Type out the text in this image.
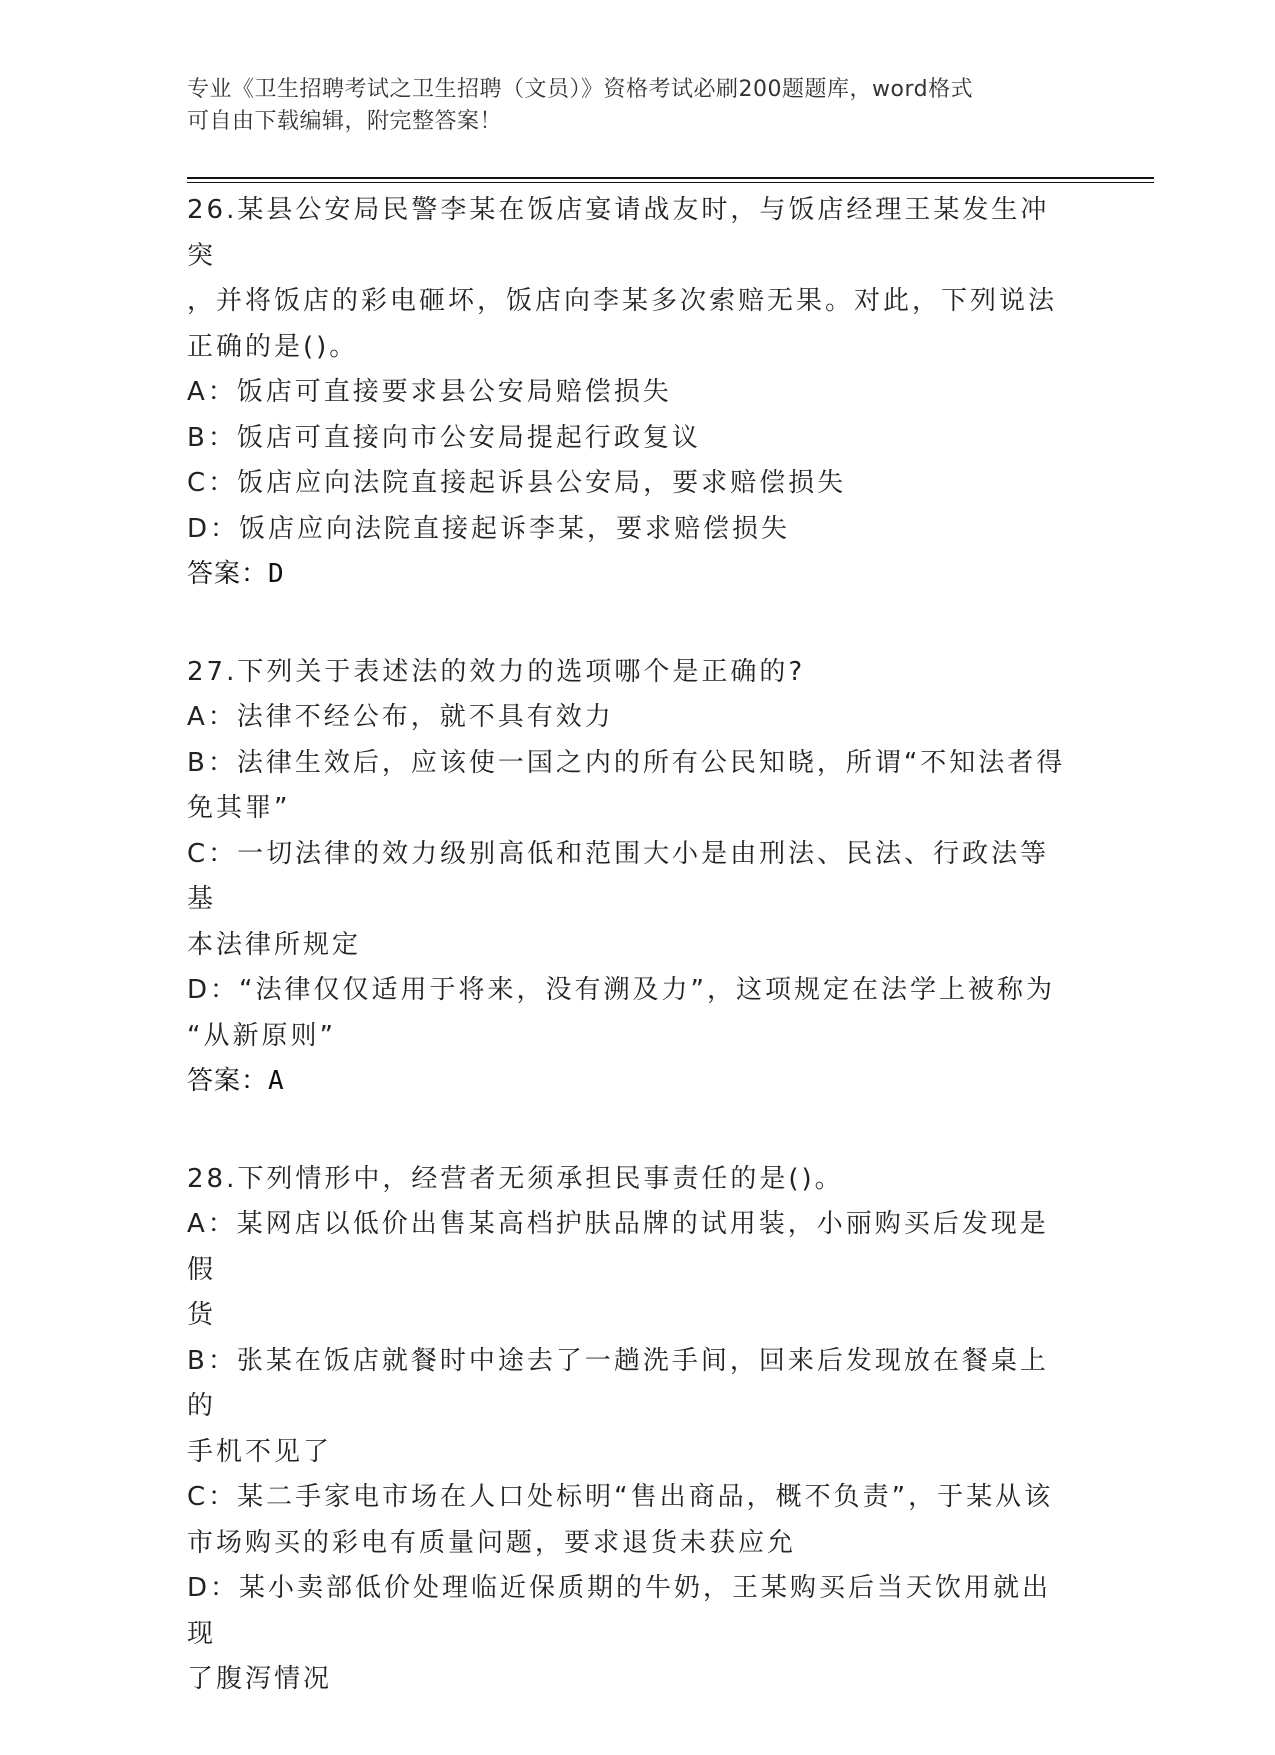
专业《卫生招聘考试之卫生招聘（文员）》资格考试必刷200题题库，word格式
可自由下载编辑，附完整答案！
26.某县公安局民警李某在饭店宴请战友时，与饭店经理王某发生冲突
，并将饭店的彩电砸坏，饭店向李某多次索赔无果。对此，下列说法
正确的是()。
A：饭店可直接要求县公安局赔偿损失
B：饭店可直接向市公安局提起行政复议
C：饭店应向法院直接起诉县公安局，要求赔偿损失
D：饭店应向法院直接起诉李某，要求赔偿损失
答案：D
27.下列关于表述法的效力的选项哪个是正确的?
A：法律不经公布，就不具有效力
B：法律生效后，应该使一国之内的所有公民知晓，所谓“不知法者得
免其罪”
C：一切法律的效力级别高低和范围大小是由刑法、民法、行政法等基
本法律所规定
D：“法律仅仅适用于将来，没有溯及力”，这项规定在法学上被称为
“从新原则”
答案：A
28.下列情形中，经营者无须承担民事责任的是()。
A：某网店以低价出售某高档护肤品牌的试用装，小丽购买后发现是假
货
B：张某在饭店就餐时中途去了一趟洗手间，回来后发现放在餐桌上的
手机不见了
C：某二手家电市场在人口处标明“售出商品，概不负责”，于某从该
市场购买的彩电有质量问题，要求退货未获应允
D：某小卖部低价处理临近保质期的牛奶，王某购买后当天饮用就出现
了腹泻情况
